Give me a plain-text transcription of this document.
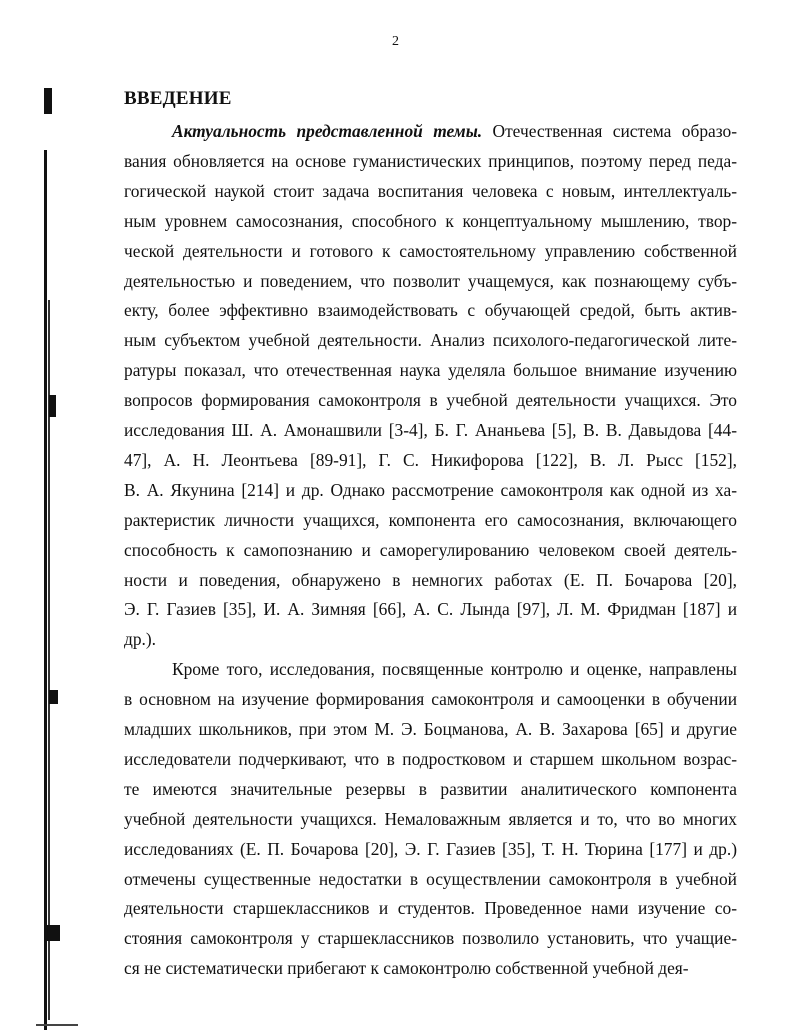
2
ВВЕДЕНИЕ
Актуальность представленной темы. Отечественная система образо-
вания обновляется на основе гуманистических принципов, поэтому перед педа-
гогической наукой стоит задача воспитания человека с новым, интеллектуаль-
ным уровнем самосознания, способного к концептуальному мышлению, твор-
ческой деятельности и готового к самостоятельному управлению собственной
деятельностью и поведением, что позволит учащемуся, как познающему субъ-
екту, более эффективно взаимодействовать с обучающей средой, быть актив-
ным субъектом учебной деятельности. Анализ психолого-педагогической лите-
ратуры показал, что отечественная наука уделяла большое внимание изучению
вопросов формирования самоконтроля в учебной деятельности учащихся. Это
исследования Ш. А. Амонашвили [3-4], Б. Г. Ананьева [5], В. В. Давыдова [44-
47], А. Н. Леонтьева [89-91], Г. С. Никифорова [122], В. Л. Рысс [152],
В. А. Якунина [214] и др. Однако рассмотрение самоконтроля как одной из ха-
рактеристик личности учащихся, компонента его самосознания, включающего
способность к самопознанию и саморегулированию человеком своей деятель-
ности и поведения, обнаружено в немногих работах (Е. П. Бочарова [20],
Э. Г. Газиев [35], И. А. Зимняя [66], А. С. Лында [97], Л. М. Фридман [187] и
др.).
Кроме того, исследования, посвященные контролю и оценке, направлены
в основном на изучение формирования самоконтроля и самооценки в обучении
младших школьников, при этом М. Э. Боцманова, А. В. Захарова [65] и другие
исследователи подчеркивают, что в подростковом и старшем школьном возрас-
те имеются значительные резервы в развитии аналитического компонента
учебной деятельности учащихся. Немаловажным является и то, что во многих
исследованиях (Е. П. Бочарова [20], Э. Г. Газиев [35], Т. Н. Тюрина [177] и др.)
отмечены существенные недостатки в осуществлении самоконтроля в учебной
деятельности старшеклассников и студентов. Проведенное нами изучение со-
стояния самоконтроля у старшеклассников позволило установить, что учащие-
ся не систематически прибегают к самоконтролю собственной учебной дея-
